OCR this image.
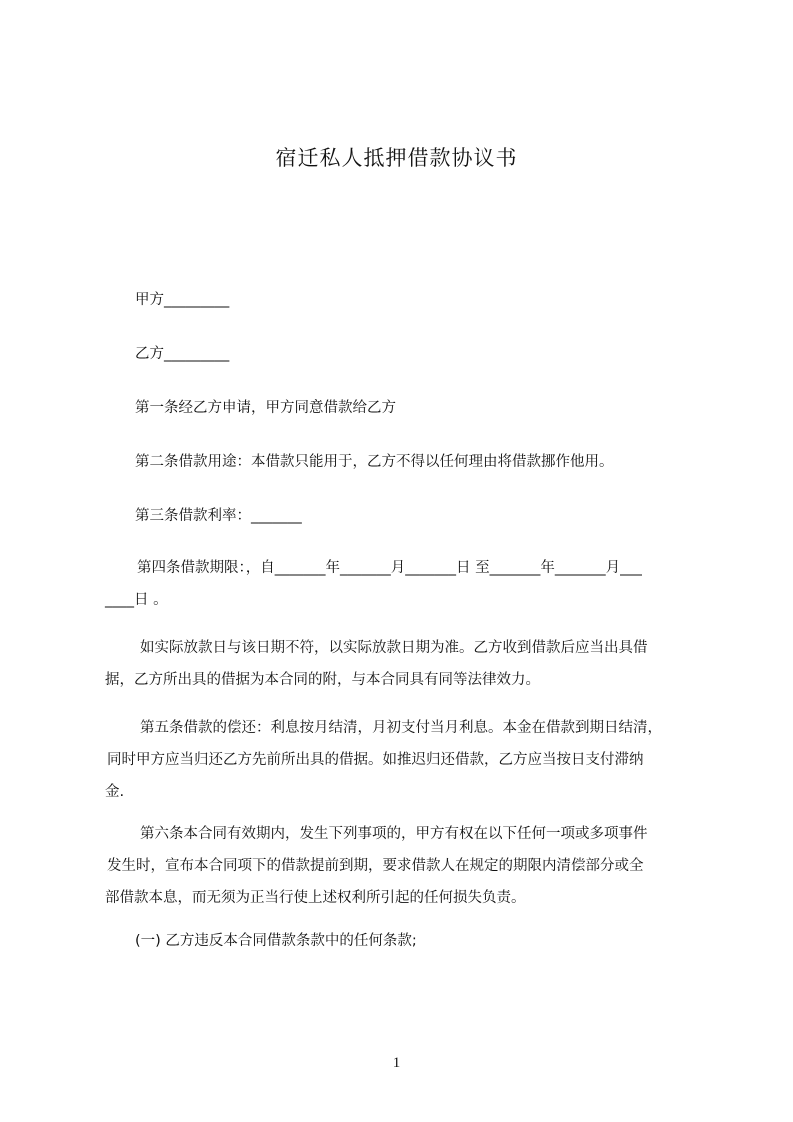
宿迁私人抵押借款协议书
甲方_________
乙方_________
第一条经乙方申请，甲方同意借款给乙方
第二条借款用途：本借款只能用于，乙方不得以任何理由将借款挪作他用。
第三条借款利率：_______
第四条借款期限：，自_______年_______月_______日 至_______年_______月___
____日 。
如实际放款日与该日期不符，以实际放款日期为准。乙方收到借款后应当出具借
据，乙方所出具的借据为本合同的附，与本合同具有同等法律效力。
第五条借款的偿还：利息按月结清，月初支付当月利息。本金在借款到期日结清，
同时甲方应当归还乙方先前所出具的借据。如推迟归还借款，乙方应当按日支付滞纳
金.
第六条本合同有效期内，发生下列事项的，甲方有权在以下任何一项或多项事件
发生时，宣布本合同项下的借款提前到期，要求借款人在规定的期限内清偿部分或全
部借款本息，而无须为正当行使上述权利所引起的任何损失负责。
(一) 乙方违反本合同借款条款中的任何条款;
1
